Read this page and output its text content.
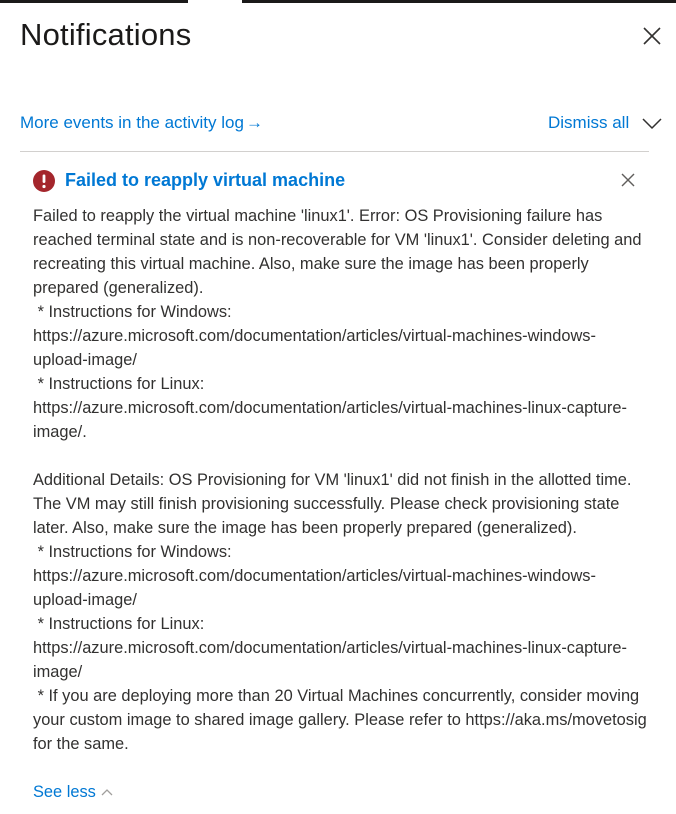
Notifications
More events in the activity log →	Dismiss all
Failed to reapply virtual machine
Failed to reapply the virtual machine 'linux1'. Error: OS Provisioning failure has reached terminal state and is non-recoverable for VM 'linux1'. Consider deleting and recreating this virtual machine. Also, make sure the image has been properly prepared (generalized).
* Instructions for Windows:
https://azure.microsoft.com/documentation/articles/virtual-machines-windows-upload-image/
* Instructions for Linux:
https://azure.microsoft.com/documentation/articles/virtual-machines-linux-capture-image/.

Additional Details: OS Provisioning for VM 'linux1' did not finish in the allotted time. The VM may still finish provisioning successfully. Please check provisioning state later. Also, make sure the image has been properly prepared (generalized).
* Instructions for Windows:
https://azure.microsoft.com/documentation/articles/virtual-machines-windows-upload-image/
* Instructions for Linux:
https://azure.microsoft.com/documentation/articles/virtual-machines-linux-capture-image/
* If you are deploying more than 20 Virtual Machines concurrently, consider moving your custom image to shared image gallery. Please refer to https://aka.ms/movetosig for the same.
See less
